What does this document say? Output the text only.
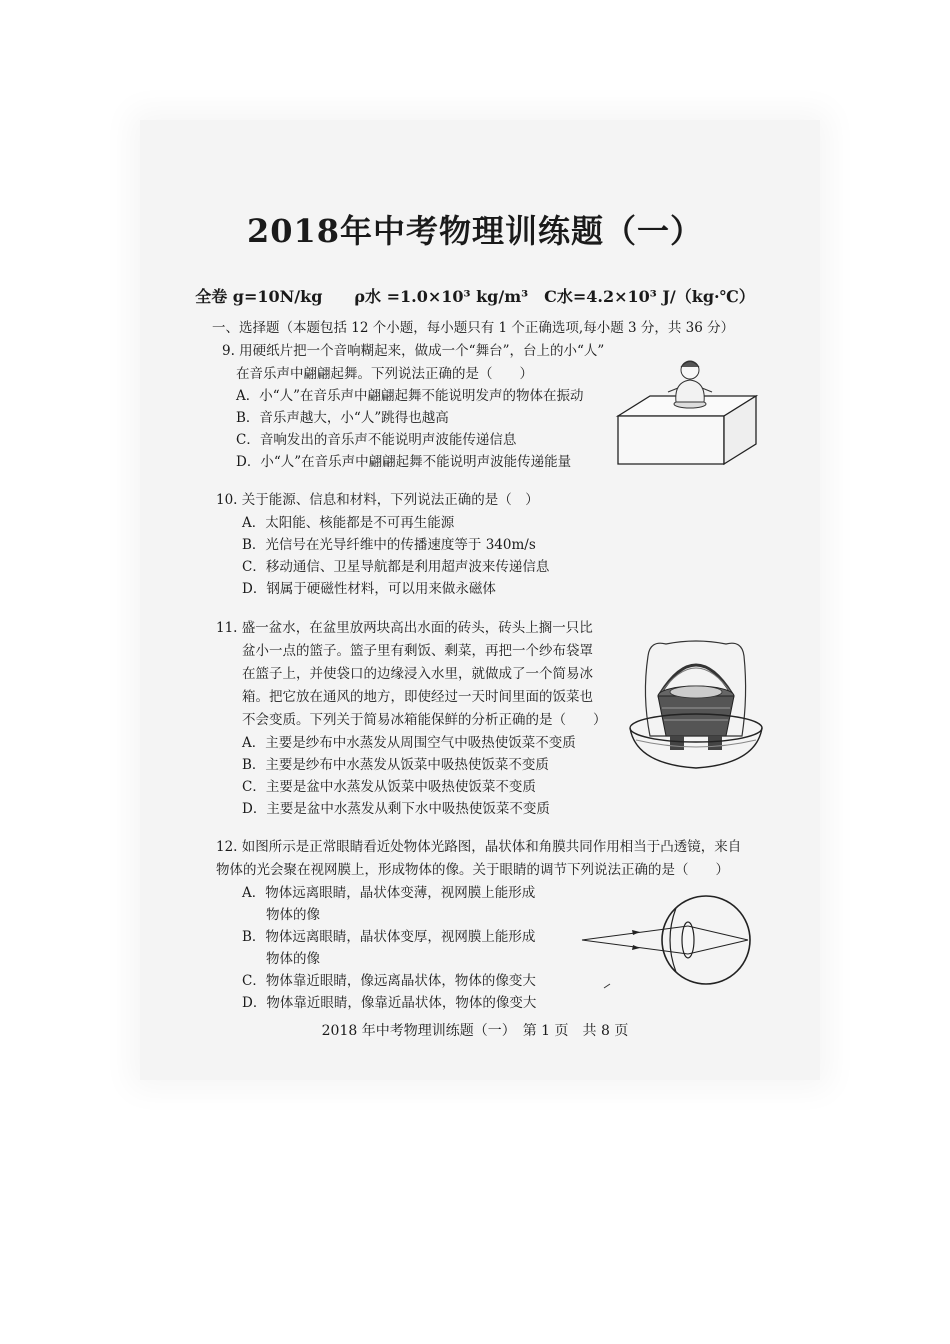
2018年中考物理训练题（一）
全卷 g=10N/kg　　ρ水 =1.0×10³ kg/m³　C水=4.2×10³ J/（kg·℃）
一、选择题（本题包括 12 个小题，每小题只有 1 个正确选项,每小题 3 分，共 36 分）
9. 用硬纸片把一个音响糊起来，做成一个“舞台”，台上的小“人”
在音乐声中翩翩起舞。下列说法正确的是（　　）
A．小“人”在音乐声中翩翩起舞不能说明发声的物体在振动
B．音乐声越大，小“人”跳得也越高
C．音响发出的音乐声不能说明声波能传递信息
D．小“人”在音乐声中翩翩起舞不能说明声波能传递能量
10. 关于能源、信息和材料，下列说法正确的是（　）
A．太阳能、核能都是不可再生能源
B．光信号在光导纤维中的传播速度等于 340m/s
C．移动通信、卫星导航都是利用超声波来传递信息
D．钢属于硬磁性材料，可以用来做永磁体
11. 盛一盆水，在盆里放两块高出水面的砖头，砖头上搁一只比
盆小一点的篮子。篮子里有剩饭、剩菜，再把一个纱布袋罩
在篮子上，并使袋口的边缘浸入水里，就做成了一个简易冰
箱。把它放在通风的地方，即使经过一天时间里面的饭菜也
不会变质。下列关于简易冰箱能保鲜的分析正确的是（　　）
A．主要是纱布中水蒸发从周围空气中吸热使饭菜不变质
B．主要是纱布中水蒸发从饭菜中吸热使饭菜不变质
C．主要是盆中水蒸发从饭菜中吸热使饭菜不变质
D．主要是盆中水蒸发从剩下水中吸热使饭菜不变质
12. 如图所示是正常眼睛看近处物体光路图，晶状体和角膜共同作用相当于凸透镜，来自
物体的光会聚在视网膜上，形成物体的像。关于眼睛的调节下列说法正确的是（　　）
A．物体远离眼睛，晶状体变薄，视网膜上能形成
物体的像
B．物体远离眼睛，晶状体变厚，视网膜上能形成
物体的像
C．物体靠近眼睛，像远离晶状体，物体的像变大
D．物体靠近眼睛，像靠近晶状体，物体的像变大
2018 年中考物理训练题（一）　第 1 页　共 8 页
